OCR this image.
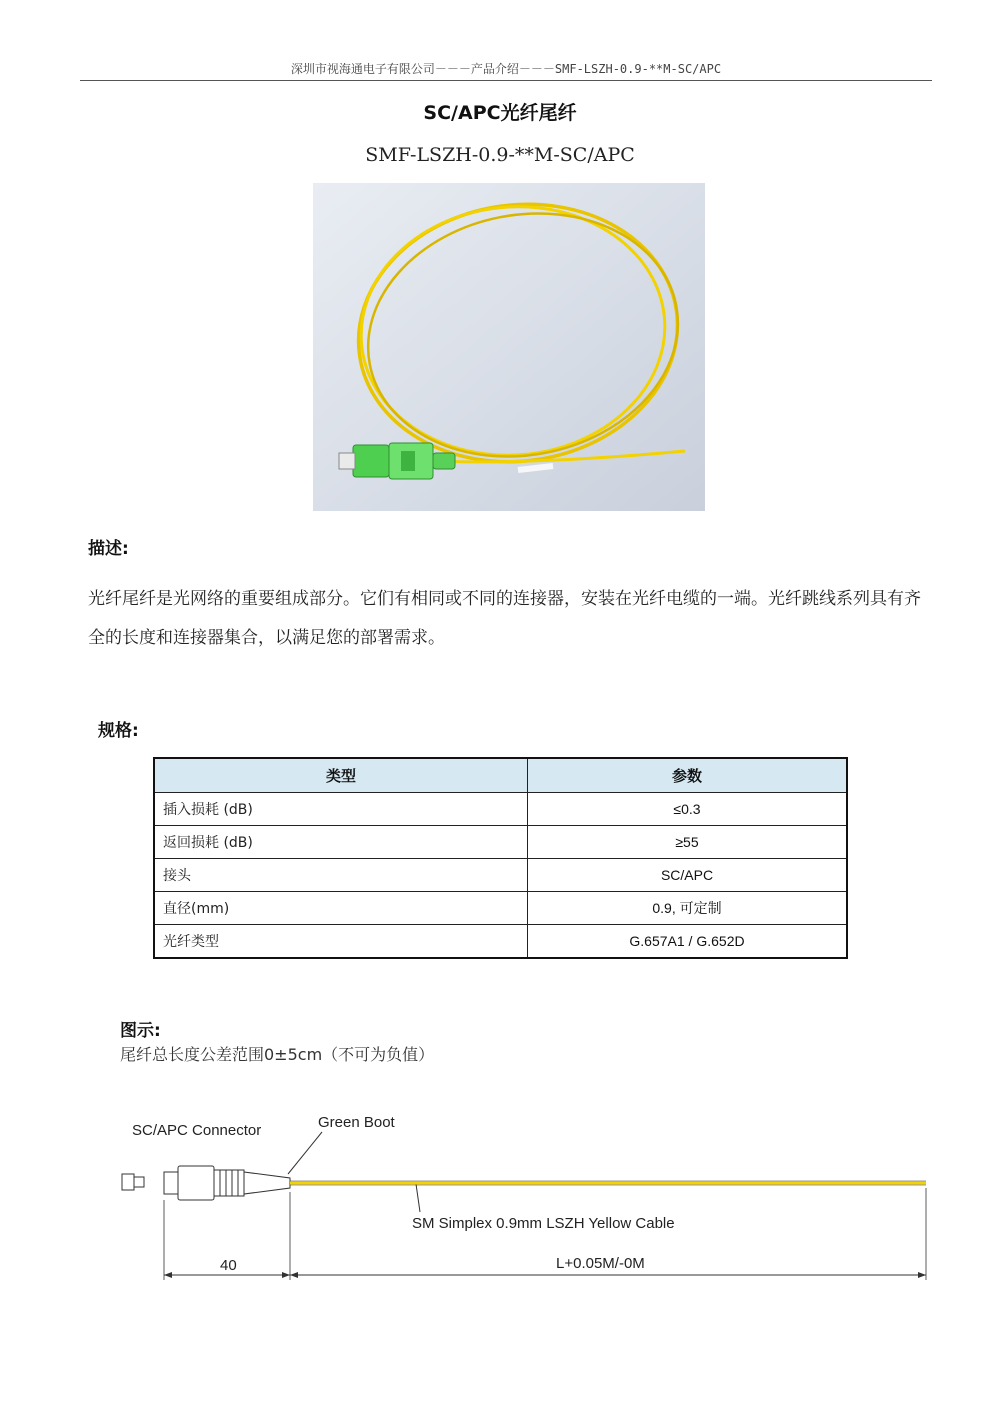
深圳市视海通电子有限公司－－－产品介绍－－－SMF-LSZH-0.9-**M-SC/APC
SC/APC光纤尾纤
SMF-LSZH-0.9-**M-SC/APC
描述:
光纤尾纤是光网络的重要组成部分。它们有相同或不同的连接器，安装在光纤电缆的一端。光纤跳线系列具有齐全的长度和连接器集合，以满足您的部署需求。
规格:
类型	参数
插入损耗 (dB)	≤0.3
返回损耗 (dB)	≥55
接头	SC/APC
直径(mm)	0.9, 可定制
光纤类型	G.657A1 / G.652D
图示:
尾纤总长度公差范围0±5cm（不可为负值）
SC/APC Connector	Green Boot
SM Simplex 0.9mm LSZH Yellow Cable
40	L+0.05M/-0M
